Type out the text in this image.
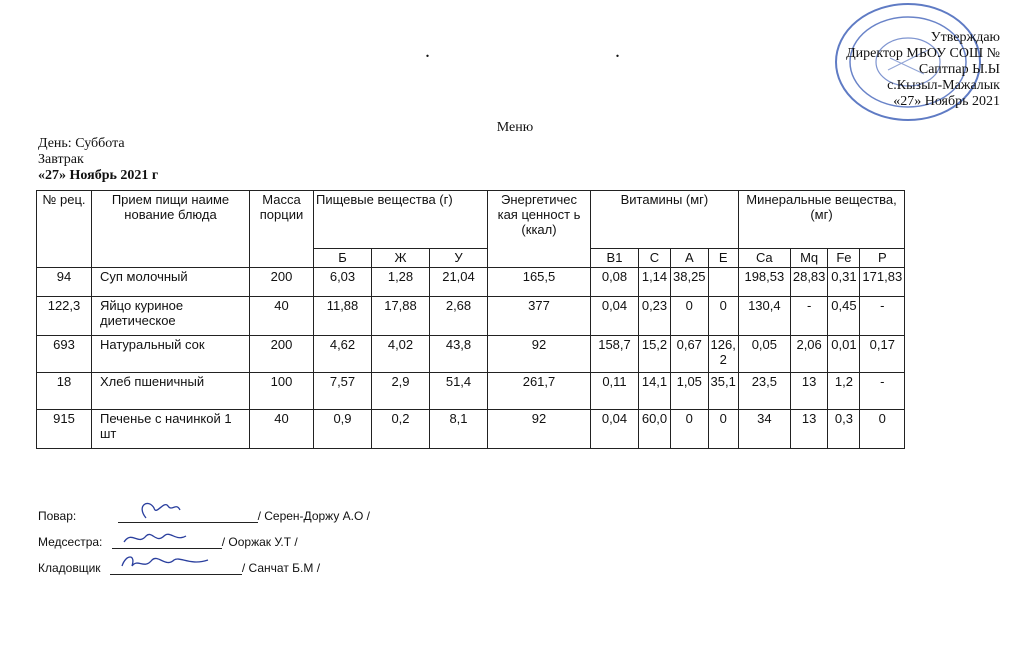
. .
Утверждаю
Директор МБОУ СОШ №
Саптпар Ы.Ы
с.Кызыл-Мажалык
«27» Ноябрь 2021
Меню
День: Суббота
Завтрак
«27» Ноябрь 2021 г
№ рец.	Прием пищи наиме нование блюда	Масса порции	Пищевые вещества (г)			Энергетичес кая ценност ь (ккал)	Витамины (мг)				Минеральные вещества, (мг)			
			Б	Ж	У		В1	С	А	Е	Ca	Mq	Fe	P
94	Суп молочный	200	6,03	1,28	21,04	165,5	0,08	1,14	38,25		198,53	28,83	0,31	171,83
122,3	Яйцо куриное диетическое	40	11,88	17,88	2,68	377	0,04	0,23	0	0	130,4	-	0,45	-
693	Натуральный сок	200	4,62	4,02	43,8	92	158,7	15,2	0,67	126, 2	0,05	2,06	0,01	0,17
18	Хлеб пшеничный	100	7,57	2,9	51,4	261,7	0,11	14,1	1,05	35,1	23,5	13	1,2	-
915	Печенье с начинкой 1 шт	40	0,9	0,2	8,1	92	0,04	60,0	0	0	34	13	0,3	0
Повар:	/ Серен-Доржу А.О /
Медсестра:	/ Ооржак У.Т /
Кладовщик	/ Санчат Б.М /
